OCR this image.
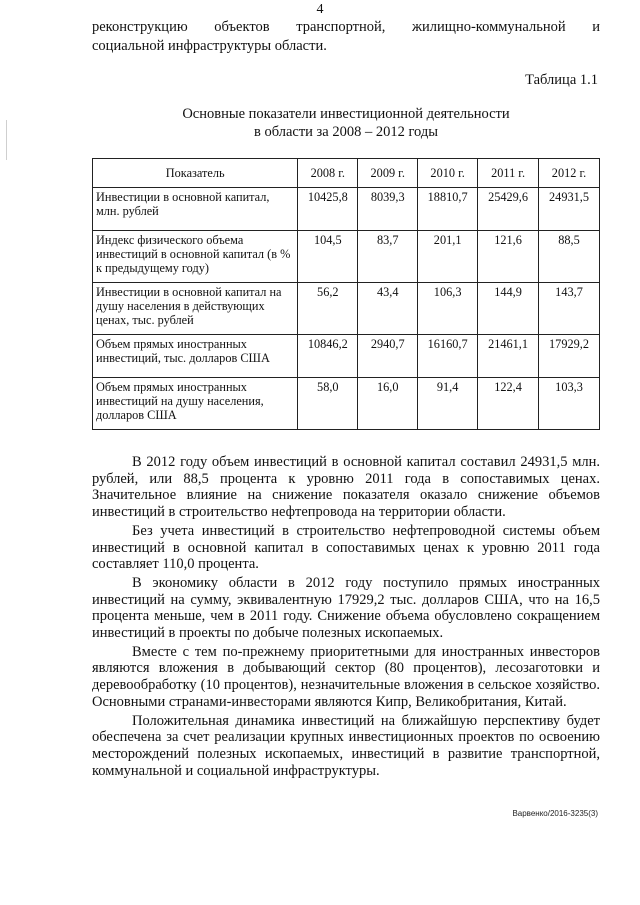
4
реконструкцию объектов транспортной, жилищно-коммунальной и
социальной инфраструктуры области.
Таблица 1.1
Основные показатели инвестиционной деятельности
в области за 2008 – 2012 годы
Показатель	2008 г.	2009 г.	2010 г.	2011 г.	2012 г.
Инвестиции в основной капитал, млн. рублей	10425,8	8039,3	18810,7	25429,6	24931,5
Индекс физического объема инвестиций в основной капитал (в % к предыдущему году)	104,5	83,7	201,1	121,6	88,5
Инвестиции в основной капитал на душу населения в действующих ценах, тыс. рублей	56,2	43,4	106,3	144,9	143,7
Объем прямых иностранных инвестиций, тыс. долларов США	10846,2	2940,7	16160,7	21461,1	17929,2
Объем прямых иностранных инвестиций на душу населения, долларов США	58,0	16,0	91,4	122,4	103,3

В 2012 году объем инвестиций в основной капитал составил 24931,5 млн. рублей, или 88,5 процента к уровню 2011 года в сопоставимых ценах. Значительное влияние на снижение показателя оказало снижение объемов инвестиций в строительство нефтепровода на территории области.

Без учета инвестиций в строительство нефтепроводной системы объем инвестиций в основной капитал в сопоставимых ценах к уровню 2011 года составляет 110,0 процента.

В экономику области в 2012 году поступило прямых иностранных инвестиций на сумму, эквивалентную 17929,2 тыс. долларов США, что на 16,5 процента меньше, чем в 2011 году. Снижение объема обусловлено сокращением инвестиций в проекты по добыче полезных ископаемых.

Вместе с тем по-прежнему приоритетными для иностранных инвесторов являются вложения в добывающий сектор (80 процентов), лесозаготовки и деревообработку (10 процентов), незначительные вложения в сельское хозяйство. Основными странами-инвесторами являются Кипр, Великобритания, Китай.

Положительная динамика инвестиций на ближайшую перспективу будет обеспечена за счет реализации крупных инвестиционных проектов по освоению месторождений полезных ископаемых, инвестиций в развитие транспортной, коммунальной и социальной инфраструктуры.

Варвенко/2016-3235(3)
